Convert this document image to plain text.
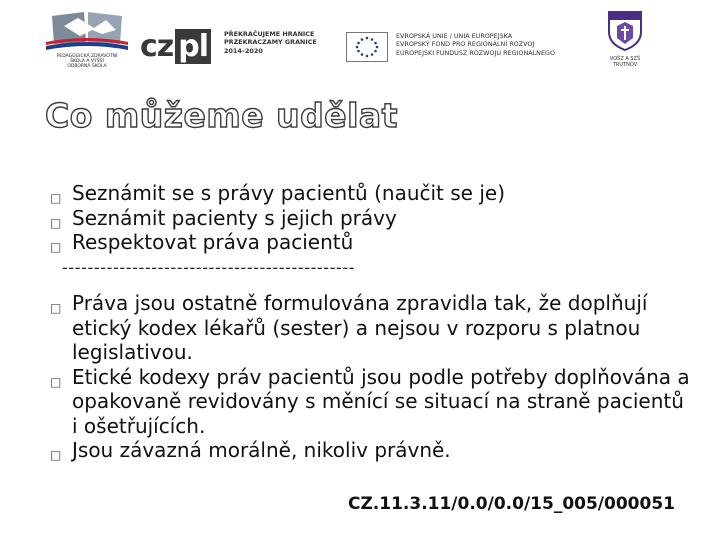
PEDAGOGICKÁ ZDRAVOTNÍ
ŠKOLA A VYŠŠÍ
ODBORNÁ ŠKOLA
cz pl	PŘEKRAČUJEME HRANICE
PRZEKRACZAMY GRANICE
2014–2020
EVROPSKÁ UNIE / UNIA EUROPEJSKA
EVROPSKÝ FOND PRO REGIONÁLNÍ ROZVOJ
EUROPEJSKI FUNDUSZ ROZWOJU REGIONALNEGO
VOŠZ A SZŠ
TRUTNOV
Co můžeme udělat
□ Seznámit se s právy pacientů (naučit se je)
□ Seznámit pacienty s jejich právy
□ Respektovat práva pacientů
----------------------------------------------
□ Práva jsou ostatně formulována zpravidla tak, že doplňují etický kodex lékařů (sester) a nejsou v rozporu s platnou legislativou.
□ Etické kodexy práv pacientů jsou podle potřeby doplňována a opakovaně revidovány s měnící se situací na straně pacientů i ošetřujících.
□ Jsou závazná morálně, nikoliv právně.
CZ.11.3.11/0.0/0.0/15_005/000051
